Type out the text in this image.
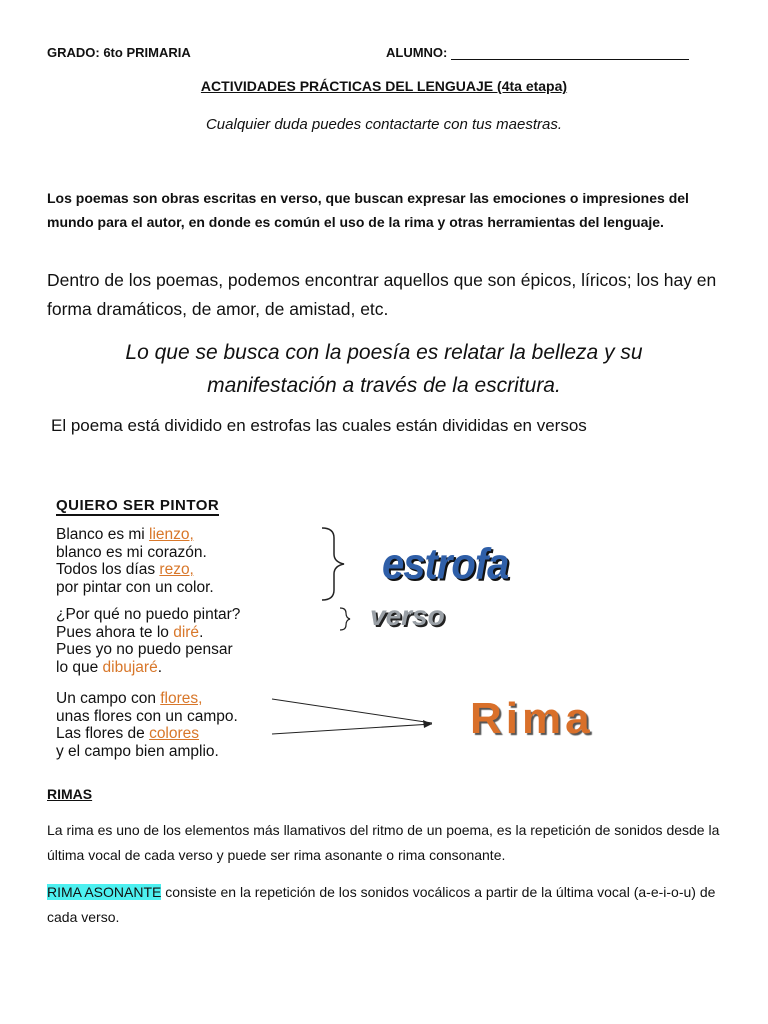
GRADO: 6to PRIMARIA	ALUMNO:
ACTIVIDADES PRÁCTICAS DEL LENGUAJE (4ta etapa)
Cualquier duda puedes contactarte con tus maestras.
Los poemas son obras escritas en verso, que buscan expresar las emociones o impresiones del mundo para el autor, en donde es común el uso de la rima y otras herramientas del lenguaje.
Dentro de los poemas, podemos encontrar aquellos que son épicos, líricos; los hay en forma dramáticos, de amor, de amistad, etc.
Lo que se busca con la poesía es relatar la belleza y su manifestación a través de la escritura.
El poema está dividido en estrofas las cuales están divididas en versos
QUIERO SER PINTOR
Blanco es mi lienzo,
blanco es mi corazón.
Todos los días rezo,
por pintar con un color.
¿Por qué no puedo pintar?
Pues ahora te lo diré.
Pues yo no puedo pensar
lo que dibujaré.
Un campo con flores,
unas flores con un campo.
Las flores de colores
y el campo bien amplio.
estrofa
verso
Rima
RIMAS
La rima es uno de los elementos más llamativos del ritmo de un poema, es la repetición de sonidos desde la última vocal de cada verso y puede ser rima asonante o rima consonante.
RIMA ASONANTE consiste en la repetición de los sonidos vocálicos a partir de la última vocal (a-e-i-o-u) de cada verso.
